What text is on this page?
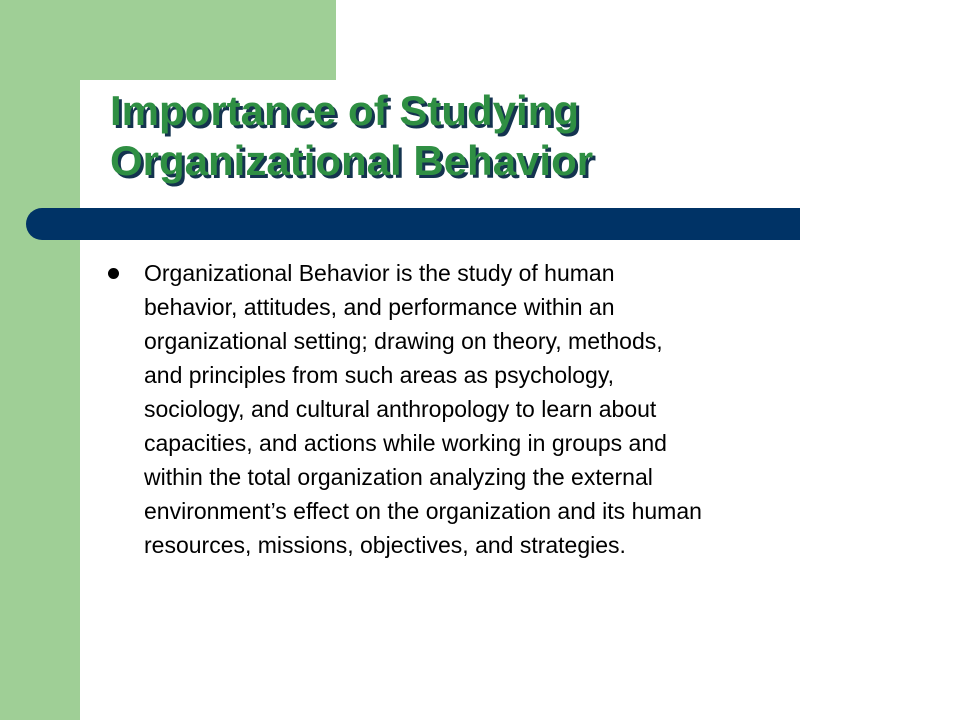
Importance of Studying
Organizational Behavior
Organizational Behavior is the study of human
behavior, attitudes, and performance within an
organizational setting; drawing on theory, methods,
and principles from such areas as psychology,
sociology, and cultural anthropology to learn about
capacities, and actions while working in groups and
within the total organization analyzing the external
environment’s effect on the organization and its human
resources, missions, objectives, and strategies.
